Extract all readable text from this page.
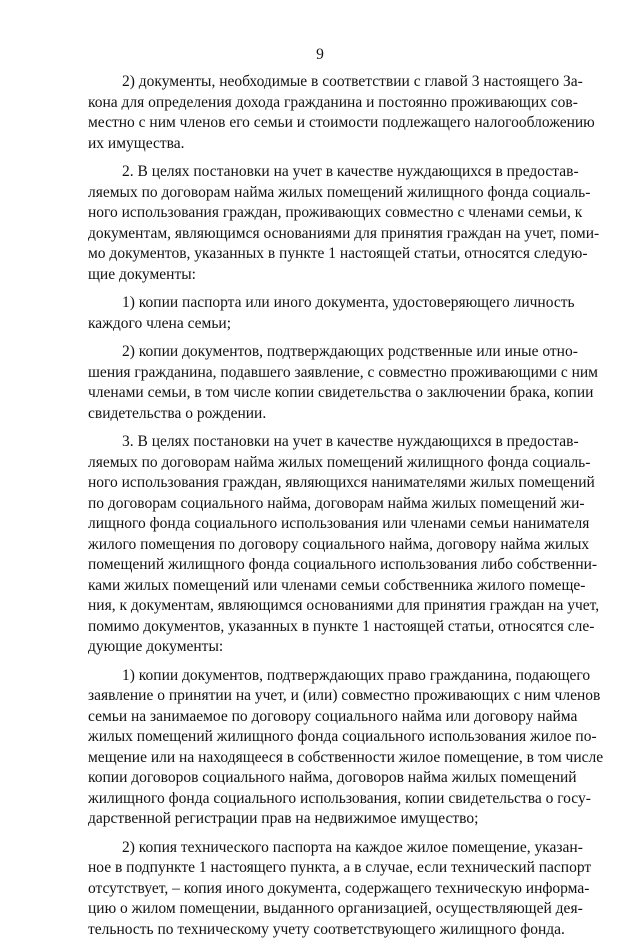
9

2) документы, необходимые в соответствии с главой 3 настоящего За-
кона для определения дохода гражданина и постоянно проживающих сов-
местно с ним членов его семьи и стоимости подлежащего налогообложению
их имущества.

2. В целях постановки на учет в качестве нуждающихся в предостав-
ляемых по договорам найма жилых помещений жилищного фонда социаль-
ного использования граждан, проживающих совместно с членами семьи, к
документам, являющимся основаниями для принятия граждан на учет, поми-
мо документов, указанных в пункте 1 настоящей статьи, относятся следую-
щие документы:

1) копии паспорта или иного документа, удостоверяющего личность
каждого члена семьи;

2) копии документов, подтверждающих родственные или иные отно-
шения гражданина, подавшего заявление, с совместно проживающими с ним
членами семьи, в том числе копии свидетельства о заключении брака, копии
свидетельства о рождении.

3. В целях постановки на учет в качестве нуждающихся в предостав-
ляемых по договорам найма жилых помещений жилищного фонда социаль-
ного использования граждан, являющихся нанимателями жилых помещений
по договорам социального найма, договорам найма жилых помещений жи-
лищного фонда социального использования или членами семьи нанимателя
жилого помещения по договору социального найма, договору найма жилых
помещений жилищного фонда социального использования либо собственни-
ками жилых помещений или членами семьи собственника жилого помеще-
ния, к документам, являющимся основаниями для принятия граждан на учет,
помимо документов, указанных в пункте 1 настоящей статьи, относятся сле-
дующие документы:

1) копии документов, подтверждающих право гражданина, подающего
заявление о принятии на учет, и (или) совместно проживающих с ним членов
семьи на занимаемое по договору социального найма или договору найма
жилых помещений жилищного фонда социального использования жилое по-
мещение или на находящееся в собственности жилое помещение, в том числе
копии договоров социального найма, договоров найма жилых помещений
жилищного фонда социального использования, копии свидетельства о госу-
дарственной регистрации прав на недвижимое имущество;

2) копия технического паспорта на каждое жилое помещение, указан-
ное в подпункте 1 настоящего пункта, а в случае, если технический паспорт
отсутствует, – копия иного документа, содержащего техническую информа-
цию о жилом помещении, выданного организацией, осуществляющей дея-
тельность по техническому учету соответствующего жилищного фонда.
